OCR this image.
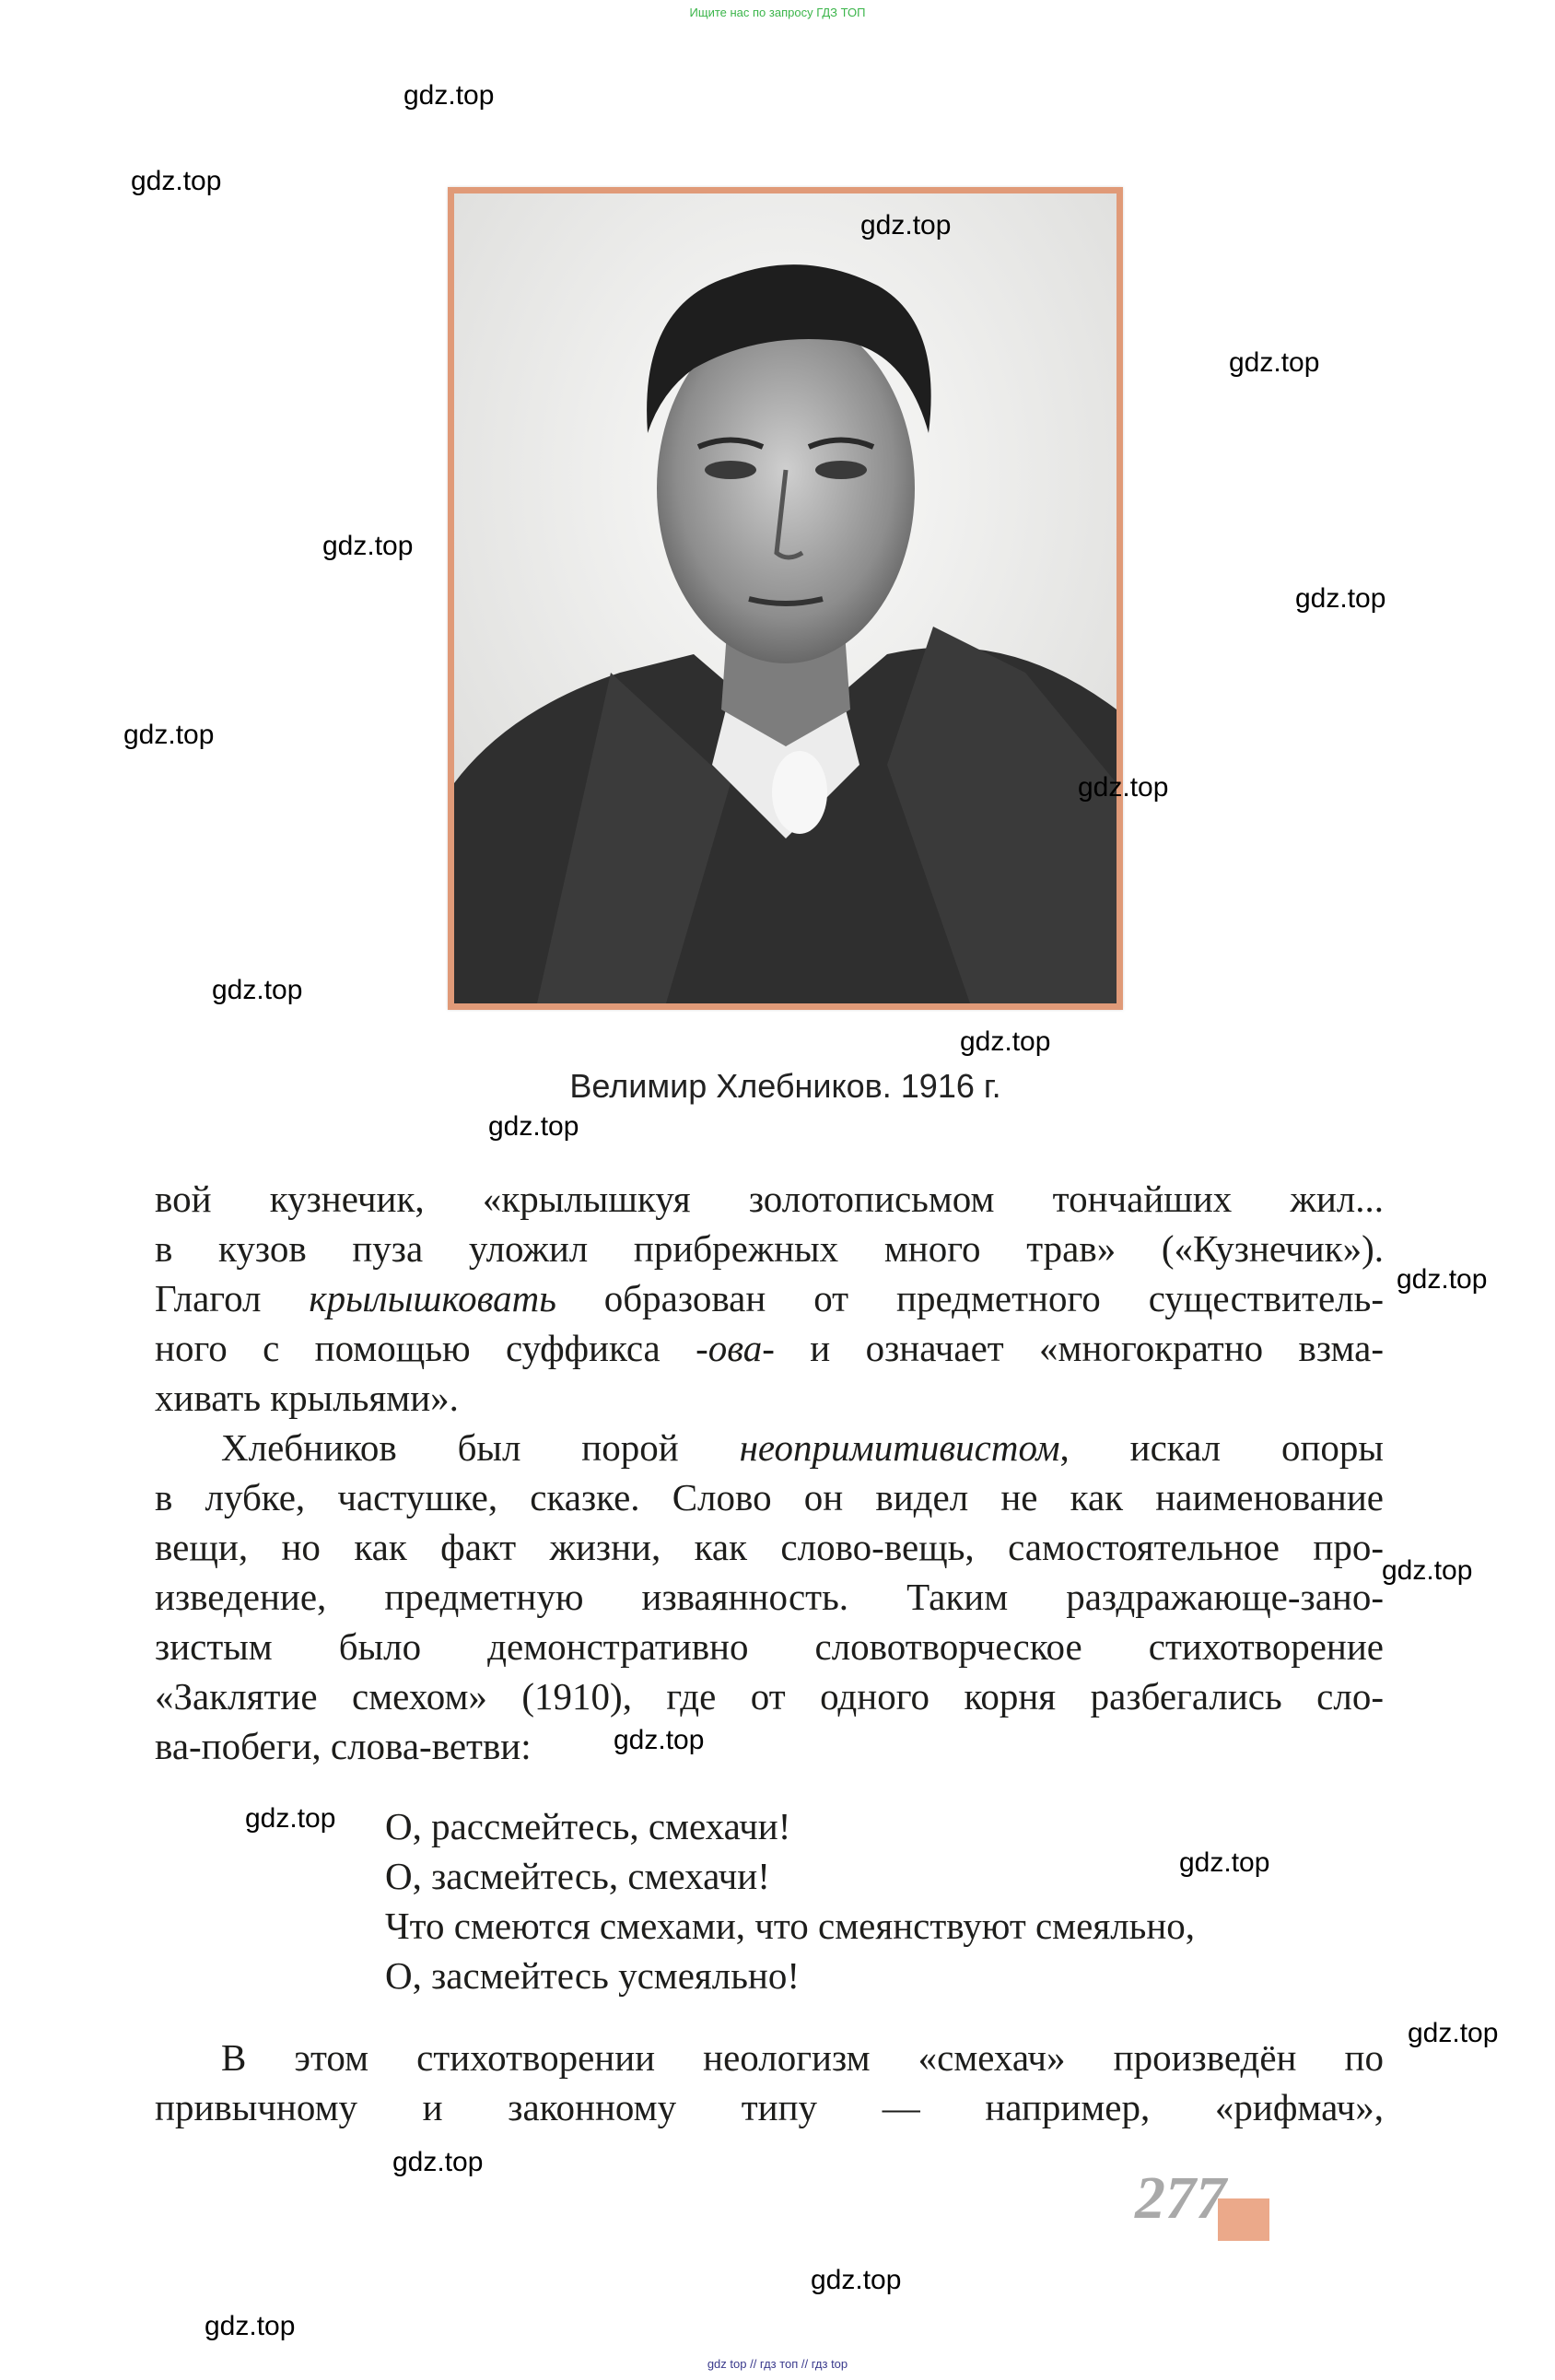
Ищите нас по запросу ГДЗ ТОП
Велимир Хлебников. 1916 г.

вой кузнечик, «крылышкуя золотописьмом тончайших жил...
в кузов пуза уложил прибрежных много трав» («Кузнечик»).
Глагол крылышковать образован от предметного существитель-
ного с помощью суффикса -ова- и означает «многократно взма-
хивать крыльями».

Хлебников был порой неопримитивистом, искал опоры
в лубке, частушке, сказке. Слово он видел не как наименование
вещи, но как факт жизни, как слово-вещь, самостоятельное про-
изведение, предметную изваянность. Таким раздражающе-зано-
зистым было демонстративно словотворческое стихотворение
«Заклятие смехом» (1910), где от одного корня разбегались сло-
ва-побеги, слова-ветви:

О, рассмейтесь, смехачи!
О, засмейтесь, смехачи!
Что смеются смехами, что смеянствуют смеяльно,
О, засмейтесь усмеяльно!

В этом стихотворении неологизм «смехач» произведён по
привычному и законному типу — например, «рифмач»,

277
gdz.top
gdz.top
gdz.top
gdz.top
gdz.top
gdz.top
gdz.top
gdz.top
gdz.top
gdz.top
gdz.top
gdz.top
gdz.top
gdz.top
gdz.top
gdz.top
gdz.top
gdz.top
gdz.top
gdz.top
gdz top // гдз топ // гдз top
